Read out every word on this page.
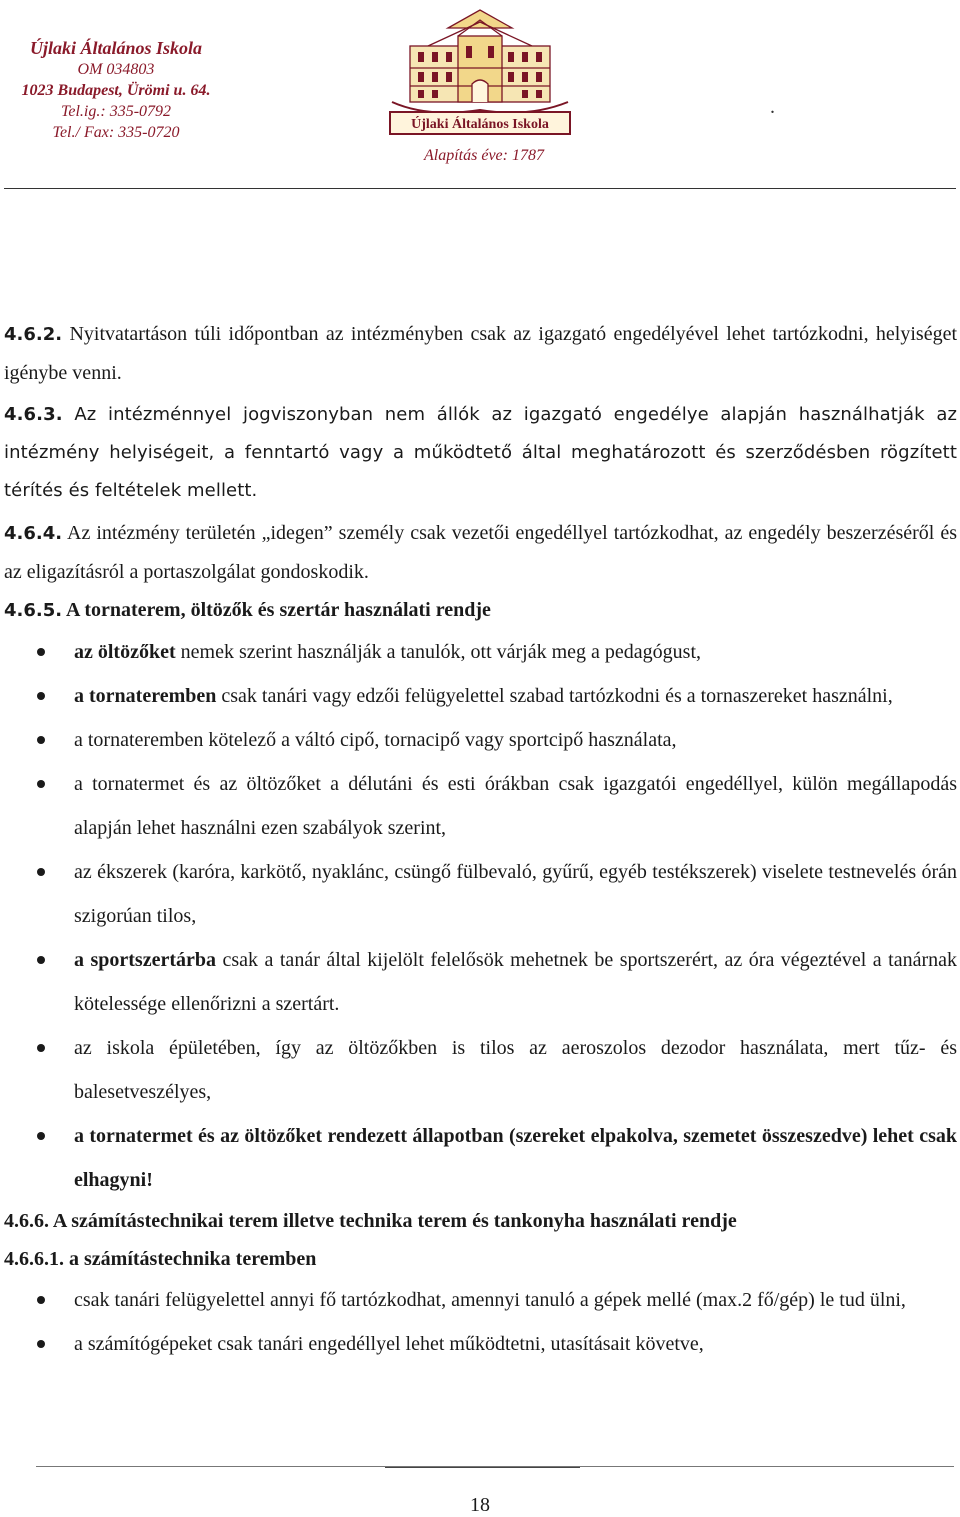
Újlaki Általános Iskola
OM 034803
1023 Budapest, Ürömi u. 64.
Tel.ig.: 335-0792
Tel./ Fax: 335-0720	Újlaki Általános Iskola
Alapítás éve: 1787
.

4.6.2. Nyitvatartáson túli időpontban az intézményben csak az igazgató engedélyével lehet tartózkodni, helyiséget igénybe venni.

4.6.3. Az intézménnyel jogviszonyban nem állók az igazgató engedélye alapján használhatják az intézmény helyiségeit, a fenntartó vagy a működtető által meghatározott és szerződésben rögzített térítés és feltételek mellett.

4.6.4. Az intézmény területén „idegen” személy csak vezetői engedéllyel tartózkodhat, az engedély beszerzéséről és az eligazításról a portaszolgálat gondoskodik.

4.6.5. A tornaterem, öltözők és szertár használati rendje

az öltözőket nemek szerint használják a tanulók, ott várják meg a pedagógust,
a tornateremben csak tanári vagy edzői felügyelettel szabad tartózkodni és a tornaszereket használni,
a tornateremben kötelező a váltó cipő, tornacipő vagy sportcipő használata,
a tornatermet és az öltözőket a délutáni és esti órákban csak igazgatói engedéllyel, külön megállapodás alapján lehet használni ezen szabályok szerint,
az ékszerek (karóra, karkötő, nyaklánc, csüngő fülbevaló, gyűrű, egyéb testékszerek) viselete testnevelés órán szigorúan tilos,
a sportszertárba csak a tanár által kijelölt felelősök mehetnek be sportszerért, az óra végeztével a tanárnak kötelessége ellenőrizni a szertárt.
az iskola épületében, így az öltözőkben is tilos az aeroszolos dezodor használata, mert tűz- és balesetveszélyes,
a tornatermet és az öltözőket rendezett állapotban (szereket elpakolva, szemetet összeszedve) lehet csak elhagyni!

4.6.6. A számítástechnikai terem illetve technika terem és tankonyha használati rendje

4.6.6.1. a számítástechnika teremben

csak tanári felügyelettel annyi fő tartózkodhat, amennyi tanuló a gépek mellé (max.2 fő/gép) le tud ülni,
a számítógépeket csak tanári engedéllyel lehet működtetni, utasításait követve,
18
